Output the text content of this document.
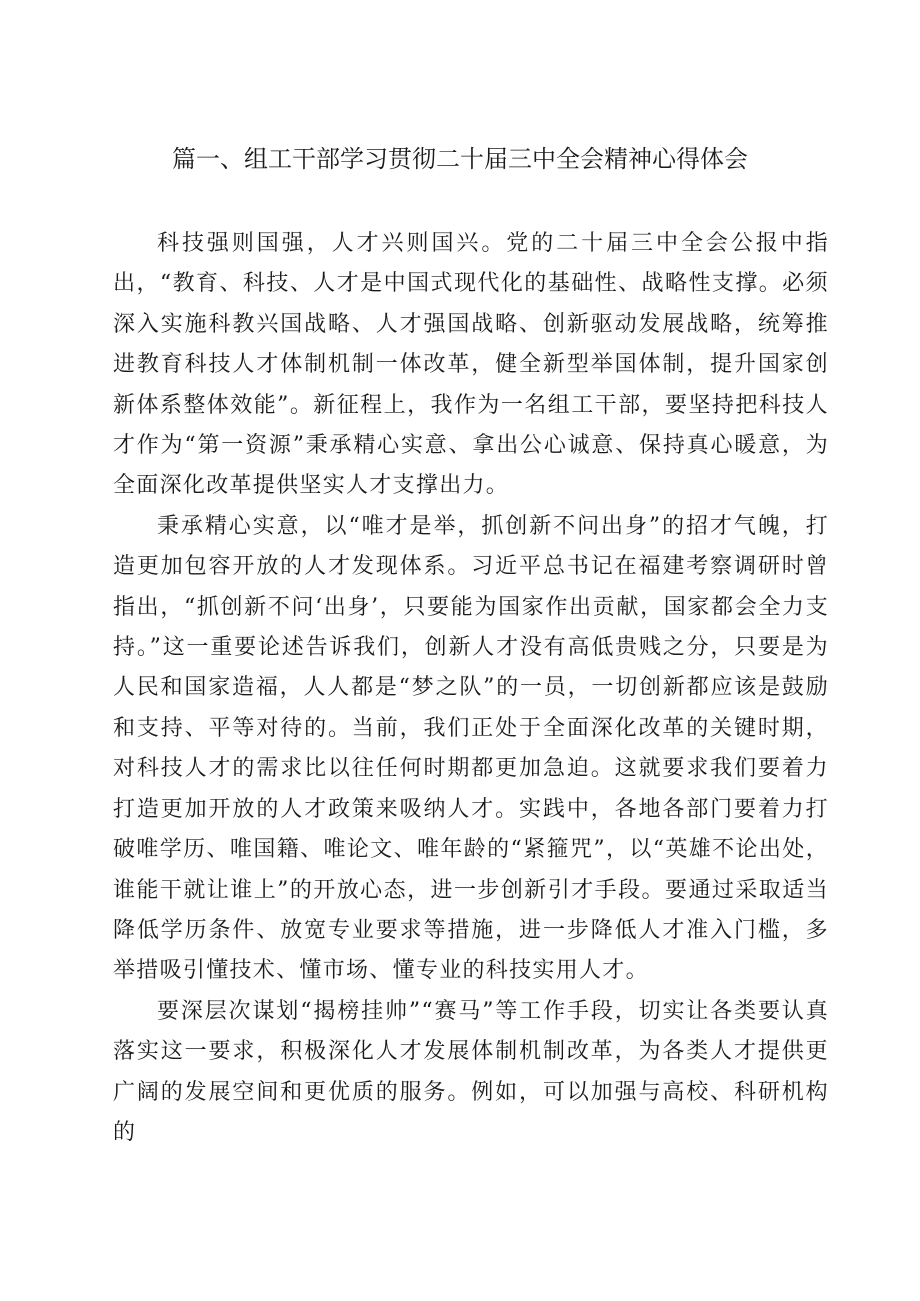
篇一、组工干部学习贯彻二十届三中全会精神心得体会

科技强则国强，人才兴则国兴。党的二十届三中全会公报中指出，“教育、科技、人才是中国式现代化的基础性、战略性支撑。必须深入实施科教兴国战略、人才强国战略、创新驱动发展战略，统筹推进教育科技人才体制机制一体改革，健全新型举国体制，提升国家创新体系整体效能”。新征程上，我作为一名组工干部，要坚持把科技人才作为“第一资源”秉承精心实意、拿出公心诚意、保持真心暖意，为全面深化改革提供坚实人才支撑出力。

秉承精心实意，以“唯才是举，抓创新不问出身”的招才气魄，打造更加包容开放的人才发现体系。习近平总书记在福建考察调研时曾指出，“抓创新不问‘出身’，只要能为国家作出贡献，国家都会全力支持。”这一重要论述告诉我们，创新人才没有高低贵贱之分，只要是为人民和国家造福，人人都是“梦之队”的一员，一切创新都应该是鼓励和支持、平等对待的。当前，我们正处于全面深化改革的关键时期，对科技人才的需求比以往任何时期都更加急迫。这就要求我们要着力打造更加开放的人才政策来吸纳人才。实践中，各地各部门要着力打破唯学历、唯国籍、唯论文、唯年龄的“紧箍咒”，以“英雄不论出处，谁能干就让谁上”的开放心态，进一步创新引才手段。要通过采取适当降低学历条件、放宽专业要求等措施，进一步降低人才准入门槛，多举措吸引懂技术、懂市场、懂专业的科技实用人才。

要深层次谋划“揭榜挂帅”“赛马”等工作手段，切实让各类要认真落实这一要求，积极深化人才发展体制机制改革，为各类人才提供更广阔的发展空间和更优质的服务。例如，可以加强与高校、科研机构的
